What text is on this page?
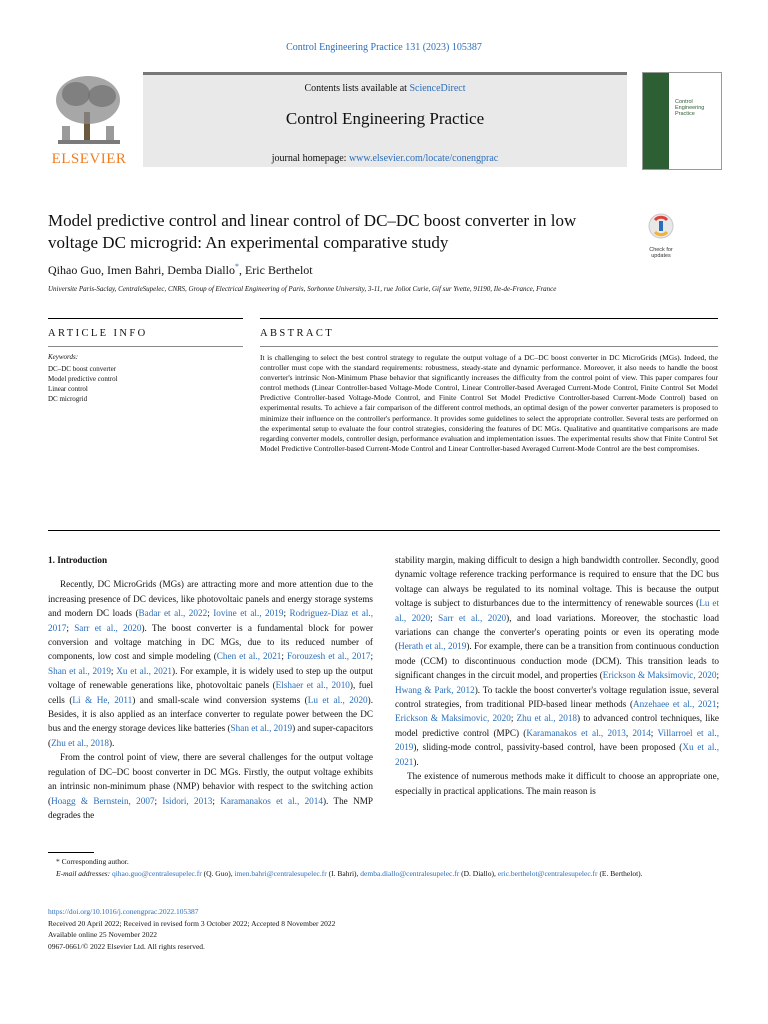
Control Engineering Practice 131 (2023) 105387
ELSEVIER
Contents lists available at ScienceDirect
Control Engineering Practice
journal homepage: www.elsevier.com/locate/conengprac
Control Engineering Practice
Model predictive control and linear control of DC–DC boost converter in low voltage DC microgrid: An experimental comparative study	Check for updates
Qihao Guo, Imen Bahri, Demba Diallo*, Eric Berthelot
Universite Paris-Saclay, CentraleSupelec, CNRS, Group of Electrical Engineering of Paris, Sorbonne University, 3-11, rue Joliot Curie, Gif sur Yvette, 91190, Ile-de-France, France
ARTICLE INFO	ABSTRACT
Keywords:
DC–DC boost converter
Model predictive control
Linear control
DC microgrid
It is challenging to select the best control strategy to regulate the output voltage of a DC–DC boost converter in DC MicroGrids (MGs). Indeed, the controller must cope with the standard requirements: robustness, steady-state and dynamic performance. Moreover, it also needs to handle the boost converter's intrinsic Non-Minimum Phase behavior that significantly increases the difficulty from the control point of view. This paper compares four control methods (Linear Controller-based Voltage-Mode Control, Linear Controller-based Averaged Current-Mode Control, Finite Control Set Model Predictive Controller-based Voltage-Mode Control, and Finite Control Set Model Predictive Controller-based Current-Mode Control) based on experimental results. To achieve a fair comparison of the different control methods, an optimal design of the power converter parameters is proposed to minimize their influence on the controller's performance. It provides some guidelines to select the appropriate controller. Several tests are performed on the experimental setup to evaluate the four control strategies, considering the features of DC MGs. Qualitative and quantitative comparisons are made regarding converter models, controller design, performance evaluation and implementation issues. The experimental results show that Finite Control Set Model Predictive Controller-based Current-Mode Control and Linear Controller-based Averaged Current-Mode Control are the best compromises.

1. Introduction

Recently, DC MicroGrids (MGs) are attracting more and more attention due to the increasing presence of DC devices, like photovoltaic panels and energy storage systems and modern DC loads (Badar et al., 2022; Iovine et al., 2019; Rodriguez-Diaz et al., 2017; Sarr et al., 2020). The boost converter is a fundamental block for power conversion and voltage matching in DC MGs, due to its reduced number of components, low cost and simple modeling (Chen et al., 2021; Forouzesh et al., 2017; Shan et al., 2019; Xu et al., 2021). For example, it is widely used to step up the output voltage of renewable generations like, photovoltaic panels (Elshaer et al., 2010), fuel cells (Li & He, 2011) and small-scale wind conversion systems (Lu et al., 2020). Besides, it is also applied as an interface converter to regulate power between the DC bus and the energy storage devices like batteries (Shan et al., 2019) and super-capacitors (Zhu et al., 2018).

From the control point of view, there are several challenges for the output voltage regulation of DC–DC boost converter in DC MGs. Firstly, the output voltage exhibits an intrinsic non-minimum phase (NMP) behavior with respect to the switching action (Hoagg & Bernstein, 2007; Isidori, 2013; Karamanakos et al., 2014). The NMP degrades the

stability margin, making difficult to design a high bandwidth controller. Secondly, good dynamic voltage reference tracking performance is required to ensure that the DC bus voltage can always be regulated to its nominal voltage. This is because the output voltage is subject to disturbances due to the intermittency of renewable sources (Lu et al., 2020; Sarr et al., 2020), and load variations. Moreover, the stochastic load variations can change the converter's operating points or even its operating mode (Herath et al., 2019). For example, there can be a transition from continuous conduction mode (CCM) to discontinuous conduction mode (DCM). This transition leads to significant changes in the circuit model, and properties (Erickson & Maksimovic, 2020; Hwang & Park, 2012). To tackle the boost converter's voltage regulation issue, several control strategies, from traditional PID-based linear methods (Anzehaee et al., 2021; Erickson & Maksimovic, 2020; Zhu et al., 2018) to advanced control techniques, like model predictive control (MPC) (Karamanakos et al., 2013, 2014; Villarroel et al., 2019), sliding-mode control, passivity-based control, have been proposed (Xu et al., 2021).

The existence of numerous methods make it difficult to choose an appropriate one, especially in practical applications. The main reason is

* Corresponding author.
E-mail addresses: qihao.guo@centralesupelec.fr (Q. Guo), imen.bahri@centralesupelec.fr (I. Bahri), demba.diallo@centralesupelec.fr (D. Diallo), eric.berthelot@centralesupelec.fr (E. Berthelot).
https://doi.org/10.1016/j.conengprac.2022.105387
Received 20 April 2022; Received in revised form 3 October 2022; Accepted 8 November 2022
Available online 25 November 2022
0967-0661/© 2022 Elsevier Ltd. All rights reserved.
